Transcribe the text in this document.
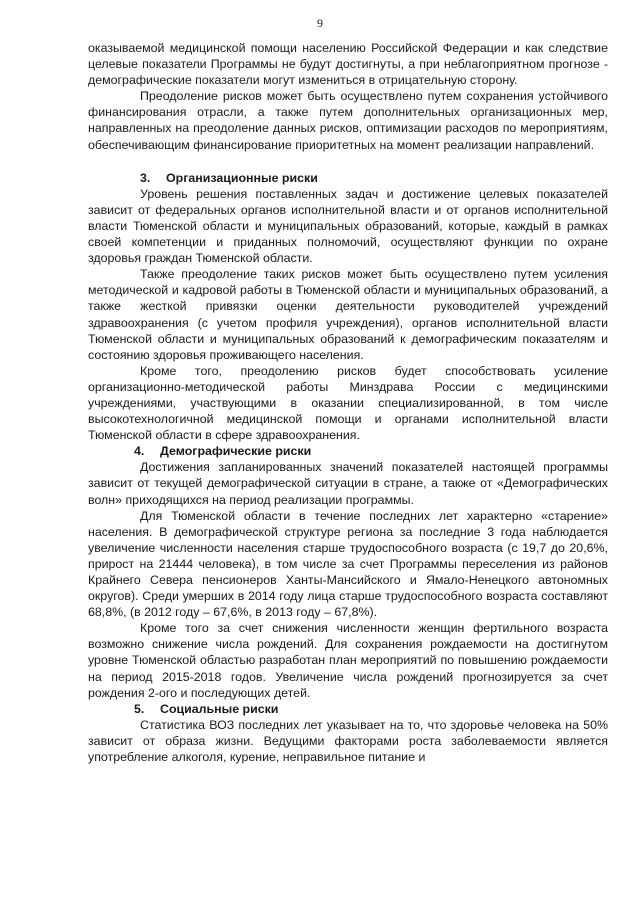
9

оказываемой медицинской помощи населению Российской Федерации и как следствие целевые показатели Программы не будут достигнуты, а при неблагоприятном прогнозе - демографические показатели могут измениться в отрицательную сторону.

Преодоление рисков может быть осуществлено путем сохранения устойчивого финансирования отрасли, а также путем дополнительных организационных мер, направленных на преодоление данных рисков, оптимизации расходов по мероприятиям, обеспечивающим финансирование приоритетных на момент реализации направлений.

3. Организационные риски

Уровень решения поставленных задач и достижение целевых показателей зависит от федеральных органов исполнительной власти и от органов исполнительной власти Тюменской области и муниципальных образований, которые, каждый в рамках своей компетенции и приданных полномочий, осуществляют функции по охране здоровья граждан Тюменской области.

Также преодоление таких рисков может быть осуществлено путем усиления методической и кадровой работы в Тюменской области и муниципальных образований, а также жесткой привязки оценки деятельности руководителей учреждений здравоохранения (с учетом профиля учреждения), органов исполнительной власти Тюменской области и муниципальных образований к демографическим показателям и состоянию здоровья проживающего населения.

Кроме того, преодолению рисков будет способствовать усиление организационно-методической работы Минздрава России с медицинскими учреждениями, участвующими в оказании специализированной, в том числе высокотехнологичной медицинской помощи и органами исполнительной власти Тюменской области в сфере здравоохранения.

4. Демографические риски

Достижения запланированных значений показателей настоящей программы зависит от текущей демографической ситуации в стране, а также от «Демографических волн» приходящихся на период реализации программы.

Для Тюменской области в течение последних лет характерно «старение» населения. В демографической структуре региона за последние 3 года наблюдается увеличение численности населения старше трудоспособного возраста (с 19,7 до 20,6%, прирост на 21444 человека), в том числе за счет Программы переселения из районов Крайнего Севера пенсионеров Ханты-Мансийского и Ямало-Ненецкого автономных округов). Среди умерших в 2014 году лица старше трудоспособного возраста составляют 68,8%, (в 2012 году – 67,6%, в 2013 году – 67,8%).

Кроме того за счет снижения численности женщин фертильного возраста возможно снижение числа рождений. Для сохранения рождаемости на достигнутом уровне Тюменской областью разработан план мероприятий по повышению рождаемости на период 2015-2018 годов. Увеличение числа рождений прогнозируется за счет рождения 2-ого и последующих детей.

5. Социальные риски

Статистика ВОЗ последних лет указывает на то, что здоровье человека на 50% зависит от образа жизни. Ведущими факторами роста заболеваемости является употребление алкоголя, курение, неправильное питание и
